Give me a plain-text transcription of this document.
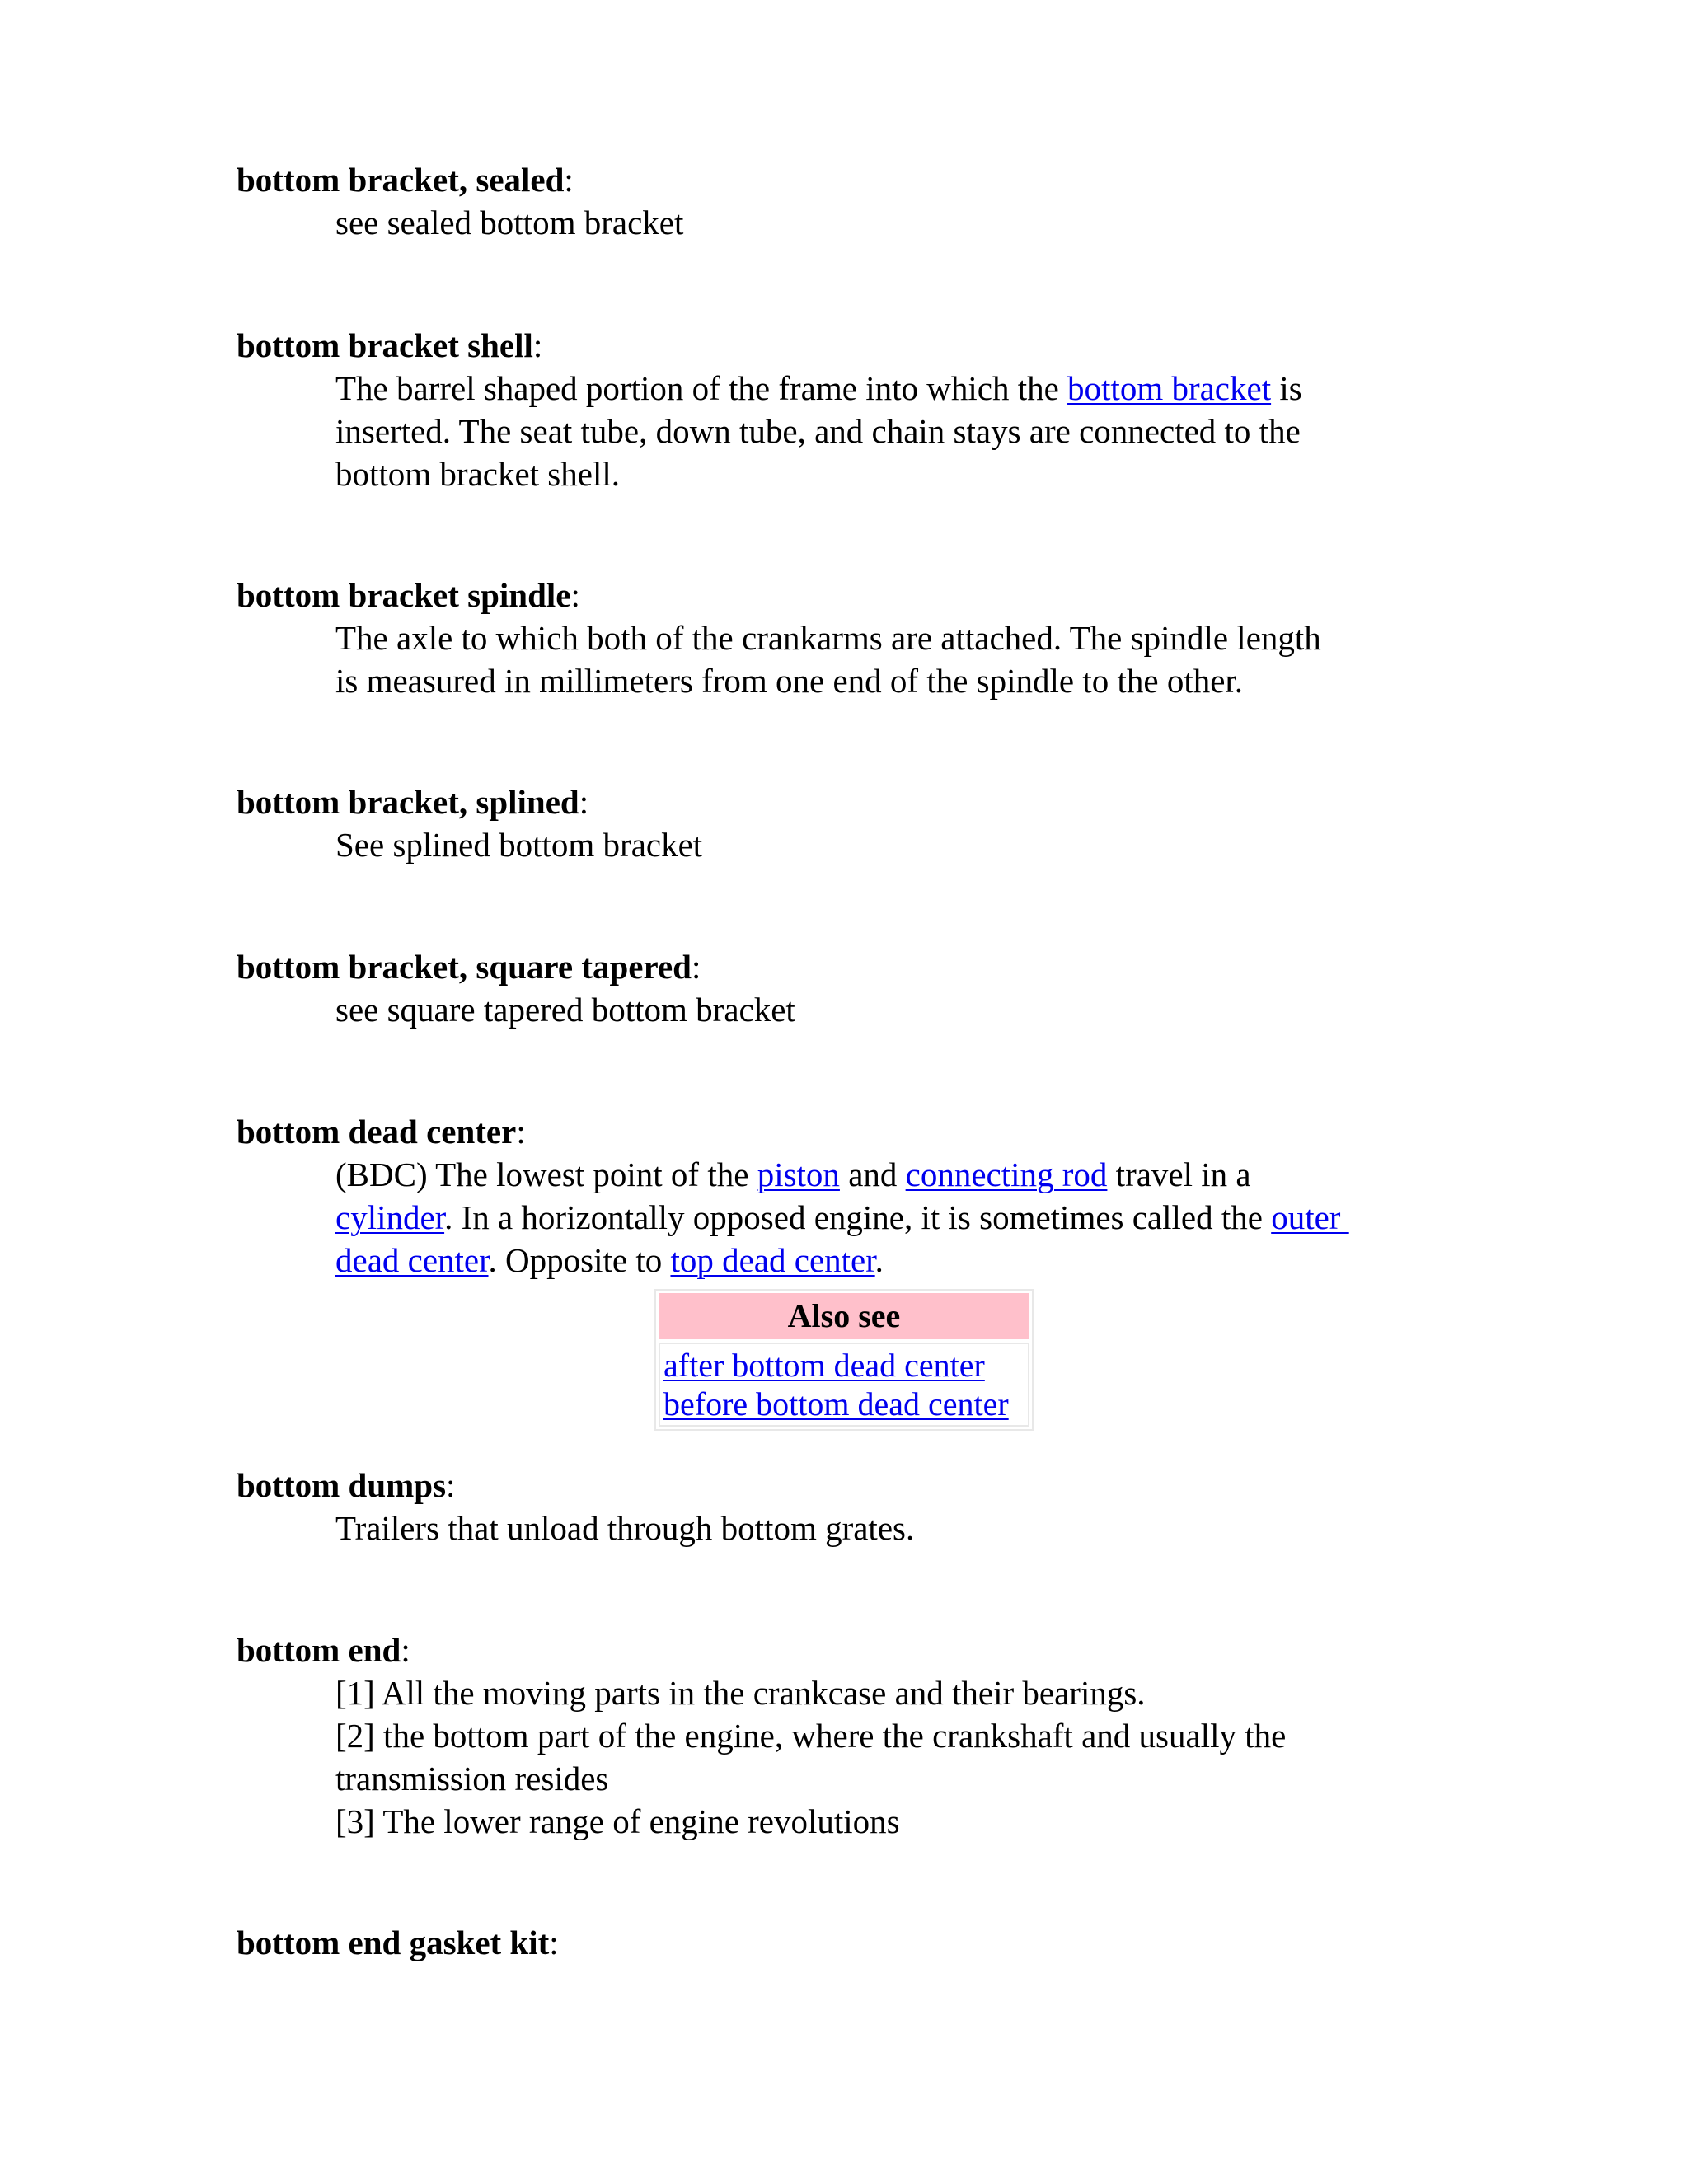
bottom bracket, sealed:
see sealed bottom bracket
bottom bracket shell:
The barrel shaped portion of the frame into which the bottom bracket is
inserted. The seat tube, down tube, and chain stays are connected to the
bottom bracket shell.
bottom bracket spindle:
The axle to which both of the crankarms are attached. The spindle length
is measured in millimeters from one end of the spindle to the other.
bottom bracket, splined:
See splined bottom bracket
bottom bracket, square tapered:
see square tapered bottom bracket
bottom dead center:
(BDC) The lowest point of the piston and connecting rod travel in a
cylinder. In a horizontally opposed engine, it is sometimes called the outer
dead center. Opposite to top dead center.
bottom dumps:
Trailers that unload through bottom grates.
bottom end:
[1] All the moving parts in the crankcase and their bearings.
[2] the bottom part of the engine, where the crankshaft and usually the
transmission resides
[3] The lower range of engine revolutions
bottom end gasket kit:
Also see
after bottom dead center
before bottom dead center
